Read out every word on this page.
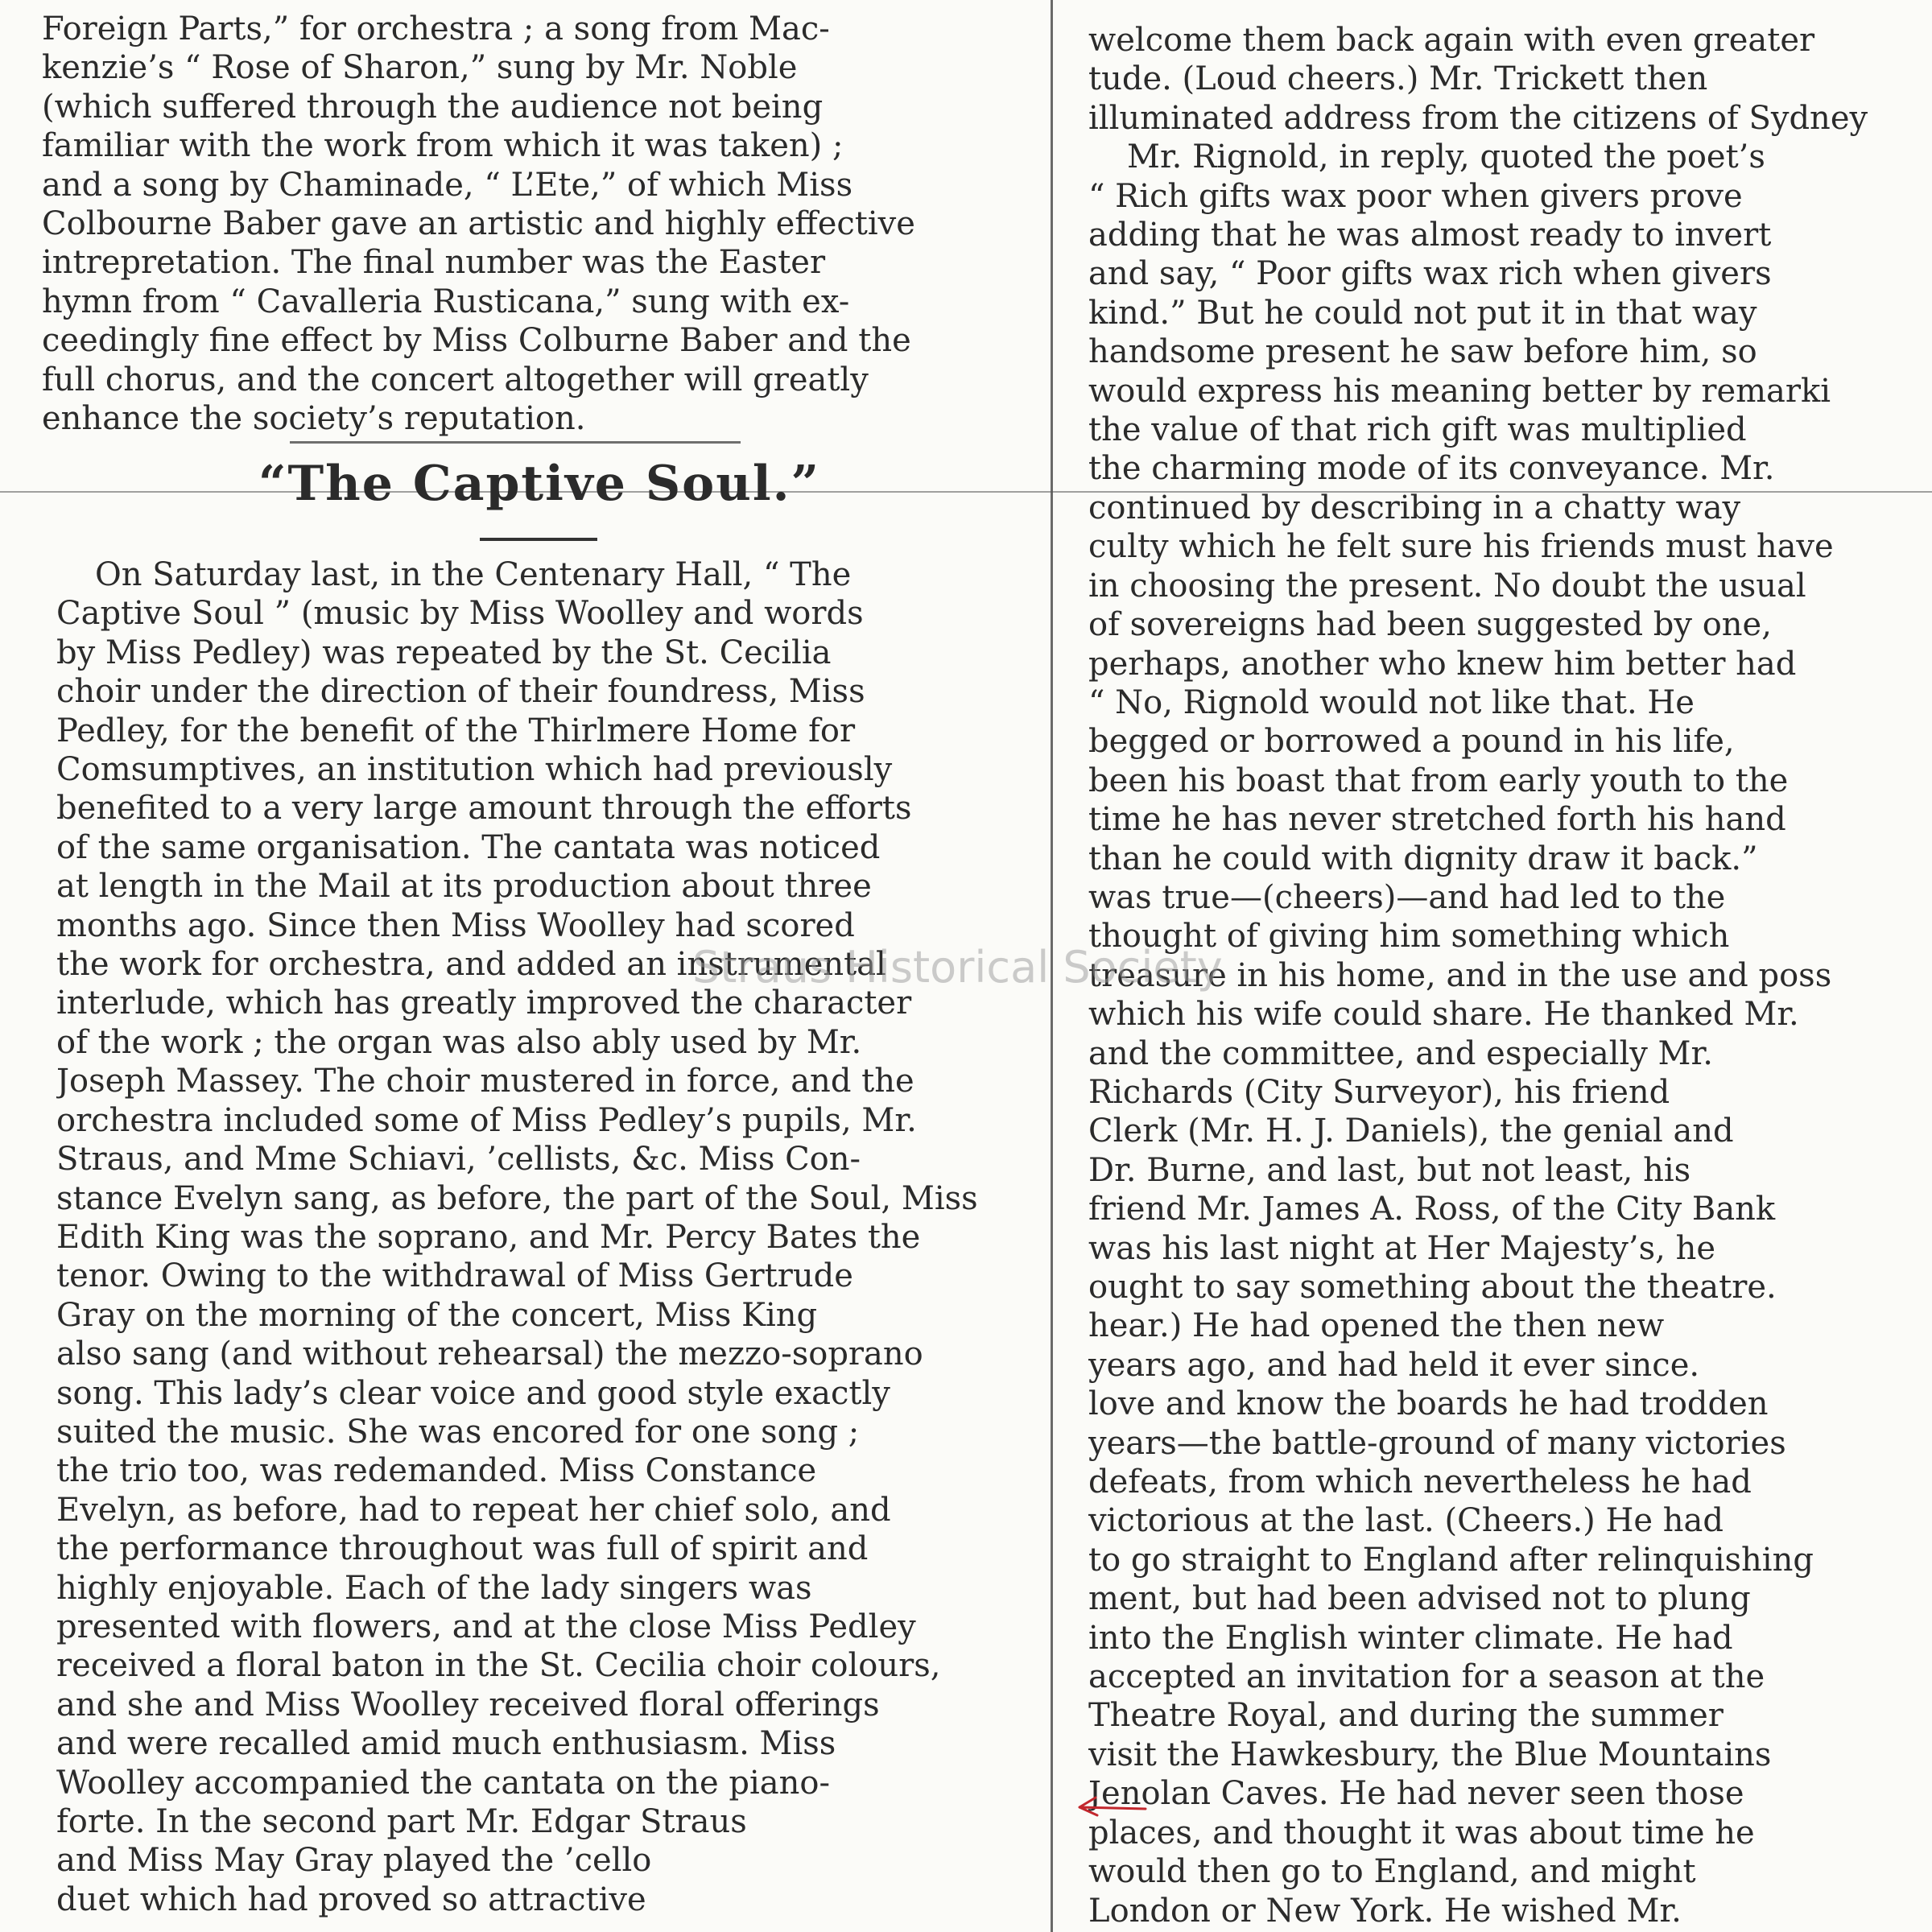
Foreign Parts,” for orchestra ; a song from Mac-
kenzie’s “ Rose of Sharon,” sung by Mr. Noble
(which suffered through the audience not being
familiar with the work from which it was taken) ;
and a song by Chaminade, “ L’Ete,” of which Miss
Colbourne Baber gave an artistic and highly effective
intrepretation. The final number was the Easter
hymn from “ Cavalleria Rusticana,” sung with ex-
ceedingly fine effect by Miss Colburne Baber and the
full chorus, and the concert altogether will greatly
enhance the society’s reputation.

“The Captive Soul.”

On Saturday last, in the Centenary Hall, “ The
Captive Soul ” (music by Miss Woolley and words
by Miss Pedley) was repeated by the St. Cecilia
choir under the direction of their foundress, Miss
Pedley, for the benefit of the Thirlmere Home for
Comsumptives, an institution which had previously
benefited to a very large amount through the efforts
of the same organisation. The cantata was noticed
at length in the Mail at its production about three
months ago. Since then Miss Woolley had scored
the work for orchestra, and added an instrumental
interlude, which has greatly improved the character
of the work ; the organ was also ably used by Mr.
Joseph Massey. The choir mustered in force, and the
orchestra included some of Miss Pedley’s pupils, Mr.
Straus, and Mme Schiavi, ’cellists, &c. Miss Con-
stance Evelyn sang, as before, the part of the Soul, Miss
Edith King was the soprano, and Mr. Percy Bates the
tenor. Owing to the withdrawal of Miss Gertrude
Gray on the morning of the concert, Miss King
also sang (and without rehearsal) the mezzo-soprano
song. This lady’s clear voice and good style exactly
suited the music. She was encored for one song ;
the trio too, was redemanded. Miss Constance
Evelyn, as before, had to repeat her chief solo, and
the performance throughout was full of spirit and
highly enjoyable. Each of the lady singers was
presented with flowers, and at the close Miss Pedley
received a floral baton in the St. Cecilia choir colours,
and she and Miss Woolley received floral offerings
and were recalled amid much enthusiasm. Miss
Woolley accompanied the cantata on the piano-
forte. In the second part Mr. Edgar Straus
and Miss May Gray played the ’cello
duet which had proved so attractive

welcome them back again with even greater
tude. (Loud cheers.) Mr. Trickett then
illuminated address from the citizens of Sydney
Mr. Rignold, in reply, quoted the poet’s
“ Rich gifts wax poor when givers prove
adding that he was almost ready to invert
and say, “ Poor gifts wax rich when givers
kind.” But he could not put it in that way
handsome present he saw before him, so
would express his meaning better by remarki
the value of that rich gift was multiplied
the charming mode of its conveyance. Mr.
continued by describing in a chatty way
culty which he felt sure his friends must have
in choosing the present. No doubt the usual
of sovereigns had been suggested by one,
perhaps, another who knew him better had
“ No, Rignold would not like that. He
begged or borrowed a pound in his life,
been his boast that from early youth to the
time he has never stretched forth his hand
than he could with dignity draw it back.”
was true—(cheers)—and had led to the
thought of giving him something which
treasure in his home, and in the use and poss
which his wife could share. He thanked Mr.
and the committee, and especially Mr.
Richards (City Surveyor), his friend
Clerk (Mr. H. J. Daniels), the genial and
Dr. Burne, and last, but not least, his
friend Mr. James A. Ross, of the City Bank
was his last night at Her Majesty’s, he
ought to say something about the theatre.
hear.) He had opened the then new
years ago, and had held it ever since.
love and know the boards he had trodden
years—the battle-ground of many victories
defeats, from which nevertheless he had
victorious at the last. (Cheers.) He had
to go straight to England after relinquishing
ment, but had been advised not to plung
into the English winter climate. He had
accepted an invitation for a season at the
Theatre Royal, and during the summer
visit the Hawkesbury, the Blue Mountains
Jenolan Caves. He had never seen those
places, and thought it was about time he
would then go to England, and might
London or New York. He wished Mr.

Straus Historical Society
